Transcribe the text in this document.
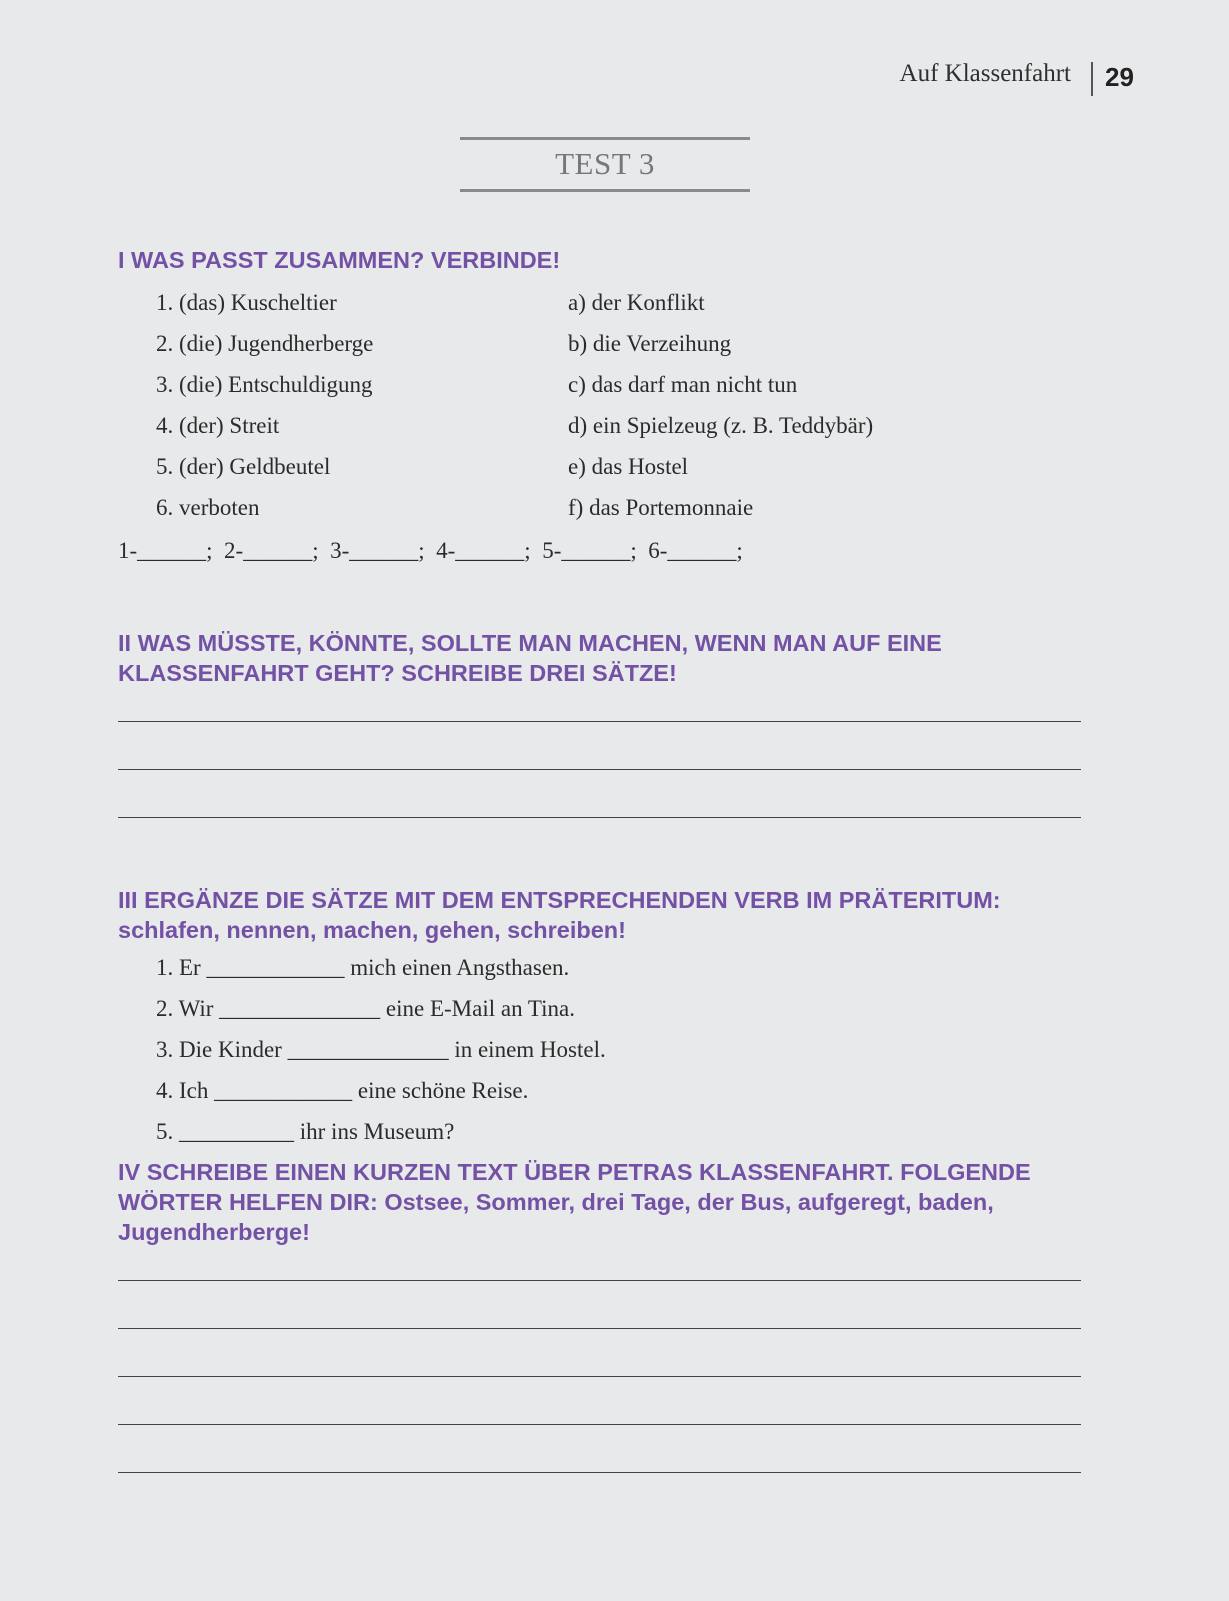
Auf Klassenfahrt 29
TEST 3
I WAS PASST ZUSAMMEN? VERBINDE!
1. (das) Kuscheltier
2. (die) Jugendherberge
3. (die) Entschuldigung
4. (der) Streit
5. (der) Geldbeutel
6. verboten
a) der Konflikt
b) die Verzeihung
c) das darf man nicht tun
d) ein Spielzeug (z. B. Teddybär)
e) das Hostel
f) das Portemonnaie
1-______;  2-______;  3-______;  4-______;  5-______;  6-______;
II WAS MÜSSTE, KÖNNTE, SOLLTE MAN MACHEN, WENN MAN AUF EINE
KLASSENFAHRT GEHT? SCHREIBE DREI SÄTZE!
III ERGÄNZE DIE SÄTZE MIT DEM ENTSPRECHENDEN VERB IM PRÄTERITUM:
schlafen, nennen, machen, gehen, schreiben!
1. Er ____________ mich einen Angsthasen.
2. Wir ______________ eine E-Mail an Tina.
3. Die Kinder ______________ in einem Hostel.
4. Ich ____________ eine schöne Reise.
5. __________ ihr ins Museum?
IV SCHREIBE EINEN KURZEN TEXT ÜBER PETRAS KLASSENFAHRT. FOLGENDE
WÖRTER HELFEN DIR: Ostsee, Sommer, drei Tage, der Bus, aufgeregt, baden,
Jugendherberge!
